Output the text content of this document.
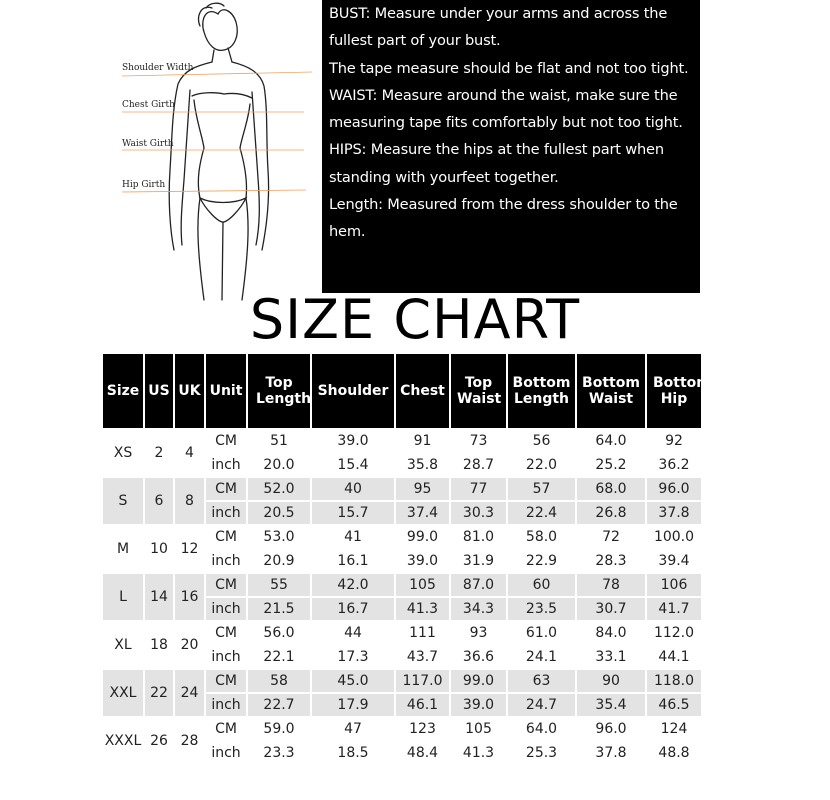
Shoulder Width
Chest Girth
Waist Girth
Hip Girth

BUST: Measure under your arms and across the fullest part of your bust.

The tape measure should be flat and not too tight.

WAIST: Measure around the waist, make sure the measuring tape fits comfortably but not too tight.

HIPS: Measure the hips at the fullest part when standing with yourfeet together.

Length: Measured from the dress shoulder to the hem.

SIZE CHART
Size	US	UK	Unit	Top Length	Shoulder	Chest	Top Waist	Bottom Length	Bottom Waist	Bottom Hip
XS	2	4	CM	51	39.0	91	73	56	64.0	92
			inch	20.0	15.4	35.8	28.7	22.0	25.2	36.2
S	6	8	CM	52.0	40	95	77	57	68.0	96.0
			inch	20.5	15.7	37.4	30.3	22.4	26.8	37.8
M	10	12	CM	53.0	41	99.0	81.0	58.0	72	100.0
			inch	20.9	16.1	39.0	31.9	22.9	28.3	39.4
L	14	16	CM	55	42.0	105	87.0	60	78	106
			inch	21.5	16.7	41.3	34.3	23.5	30.7	41.7
XL	18	20	CM	56.0	44	111	93	61.0	84.0	112.0
			inch	22.1	17.3	43.7	36.6	24.1	33.1	44.1
XXL	22	24	CM	58	45.0	117.0	99.0	63	90	118.0
			inch	22.7	17.9	46.1	39.0	24.7	35.4	46.5
XXXL	26	28	CM	59.0	47	123	105	64.0	96.0	124
			inch	23.3	18.5	48.4	41.3	25.3	37.8	48.8
